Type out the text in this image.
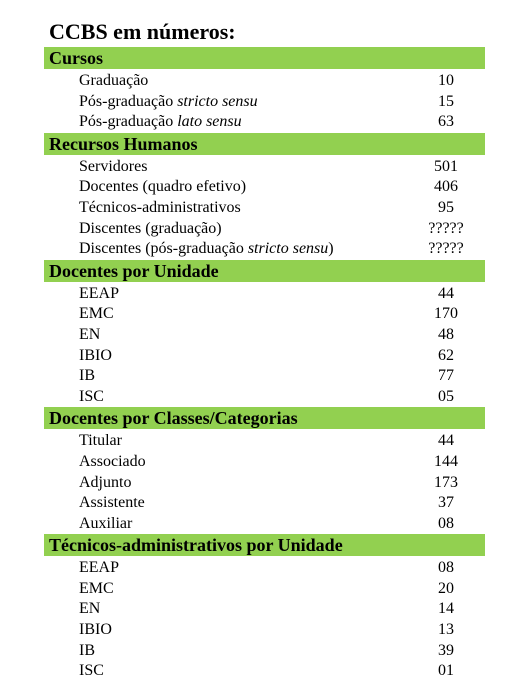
CCBS em números:
Cursos
Graduação	10
Pós-graduação stricto sensu	15
Pós-graduação lato sensu	63
Recursos Humanos
Servidores	501
Docentes (quadro efetivo)	406
Técnicos-administrativos	95
Discentes (graduação)	?????
Discentes (pós-graduação stricto sensu)	?????
Docentes por Unidade
EEAP	44
EMC	170
EN	48
IBIO	62
IB	77
ISC	05
Docentes por Classes/Categorias
Titular	44
Associado	144
Adjunto	173
Assistente	37
Auxiliar	08
Técnicos-administrativos por Unidade
EEAP	08
EMC	20
EN	14
IBIO	13
IB	39
ISC	01
